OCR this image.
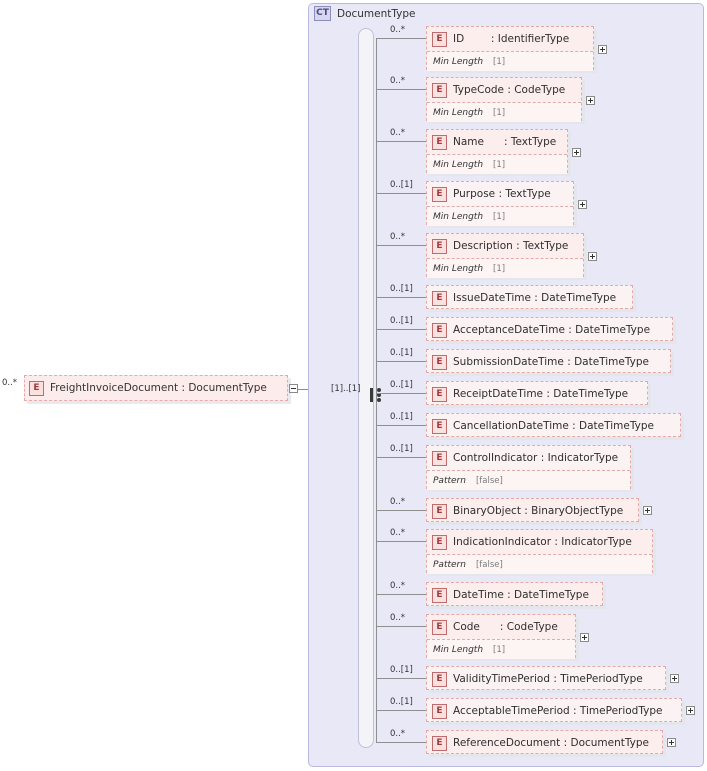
E FreightInvoiceDocument : DocumentType
0..*
CT DocumentType
[1]..[1]
0..*
E ID        : IdentifierType
Min Length [1]
0..*
E TypeCode : CodeType
Min Length [1]
0..*
E Name      : TextType
Min Length [1]
0..[1]
E Purpose : TextType
Min Length [1]
0..*
E Description : TextType
Min Length [1]
0..[1]
E IssueDateTime : DateTimeType
0..[1]
E AcceptanceDateTime : DateTimeType
0..[1]
E SubmissionDateTime : DateTimeType
0..[1]
E ReceiptDateTime : DateTimeType
0..[1]
E CancellationDateTime : DateTimeType
0..[1]
E ControlIndicator : IndicatorType
Pattern [false]
0..*
E BinaryObject : BinaryObjectType
0..*
E IndicationIndicator : IndicatorType
Pattern [false]
0..*
E DateTime : DateTimeType
0..*
E Code      : CodeType
Min Length [1]
0..[1]
E ValidityTimePeriod : TimePeriodType
0..[1]
E AcceptableTimePeriod : TimePeriodType
0..*
E ReferenceDocument : DocumentType
